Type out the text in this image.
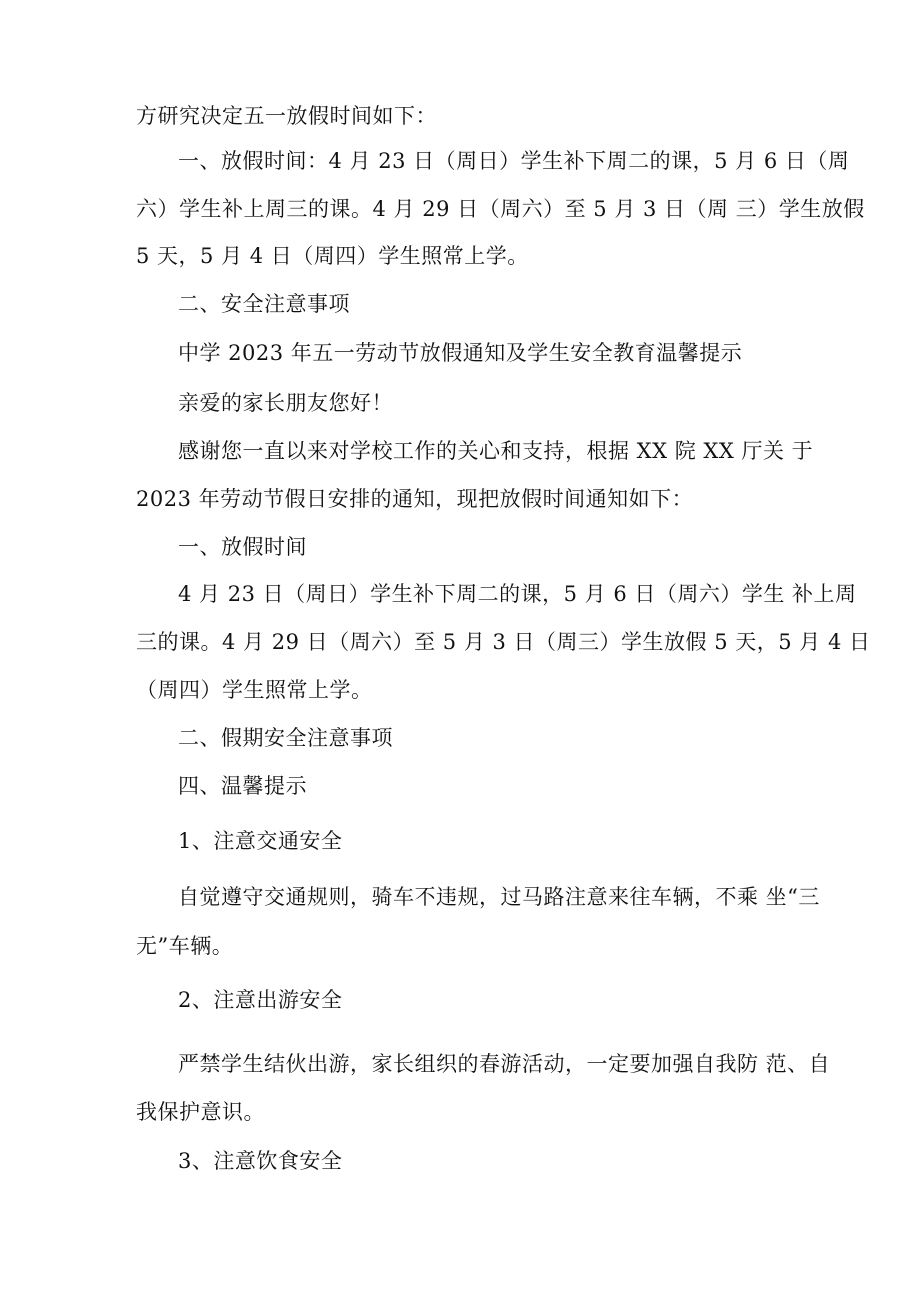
方研究决定五一放假时间如下：
一、放假时间：4 月 23 日（周日）学生补下周二的课，5 月 6 日（周
六）学生补上周三的课。4 月 29 日（周六）至 5 月 3 日（周 三）学生放假
5 天，5 月 4 日（周四）学生照常上学。
二、安全注意事项
中学 2023 年五一劳动节放假通知及学生安全教育温馨提示
亲爱的家长朋友您好！
感谢您一直以来对学校工作的关心和支持，根据 XX 院 XX 厅关 于
2023 年劳动节假日安排的通知，现把放假时间通知如下：
一、放假时间
4 月 23 日（周日）学生补下周二的课，5 月 6 日（周六）学生 补上周
三的课。4 月 29 日（周六）至 5 月 3 日（周三）学生放假 5 天，5 月 4 日
（周四）学生照常上学。
二、假期安全注意事项
四、温馨提示
1、注意交通安全
自觉遵守交通规则，骑车不违规，过马路注意来往车辆，不乘 坐“三
无”车辆。
2、注意出游安全
严禁学生结伙出游，家长组织的春游活动，一定要加强自我防 范、自
我保护意识。
3、注意饮食安全
